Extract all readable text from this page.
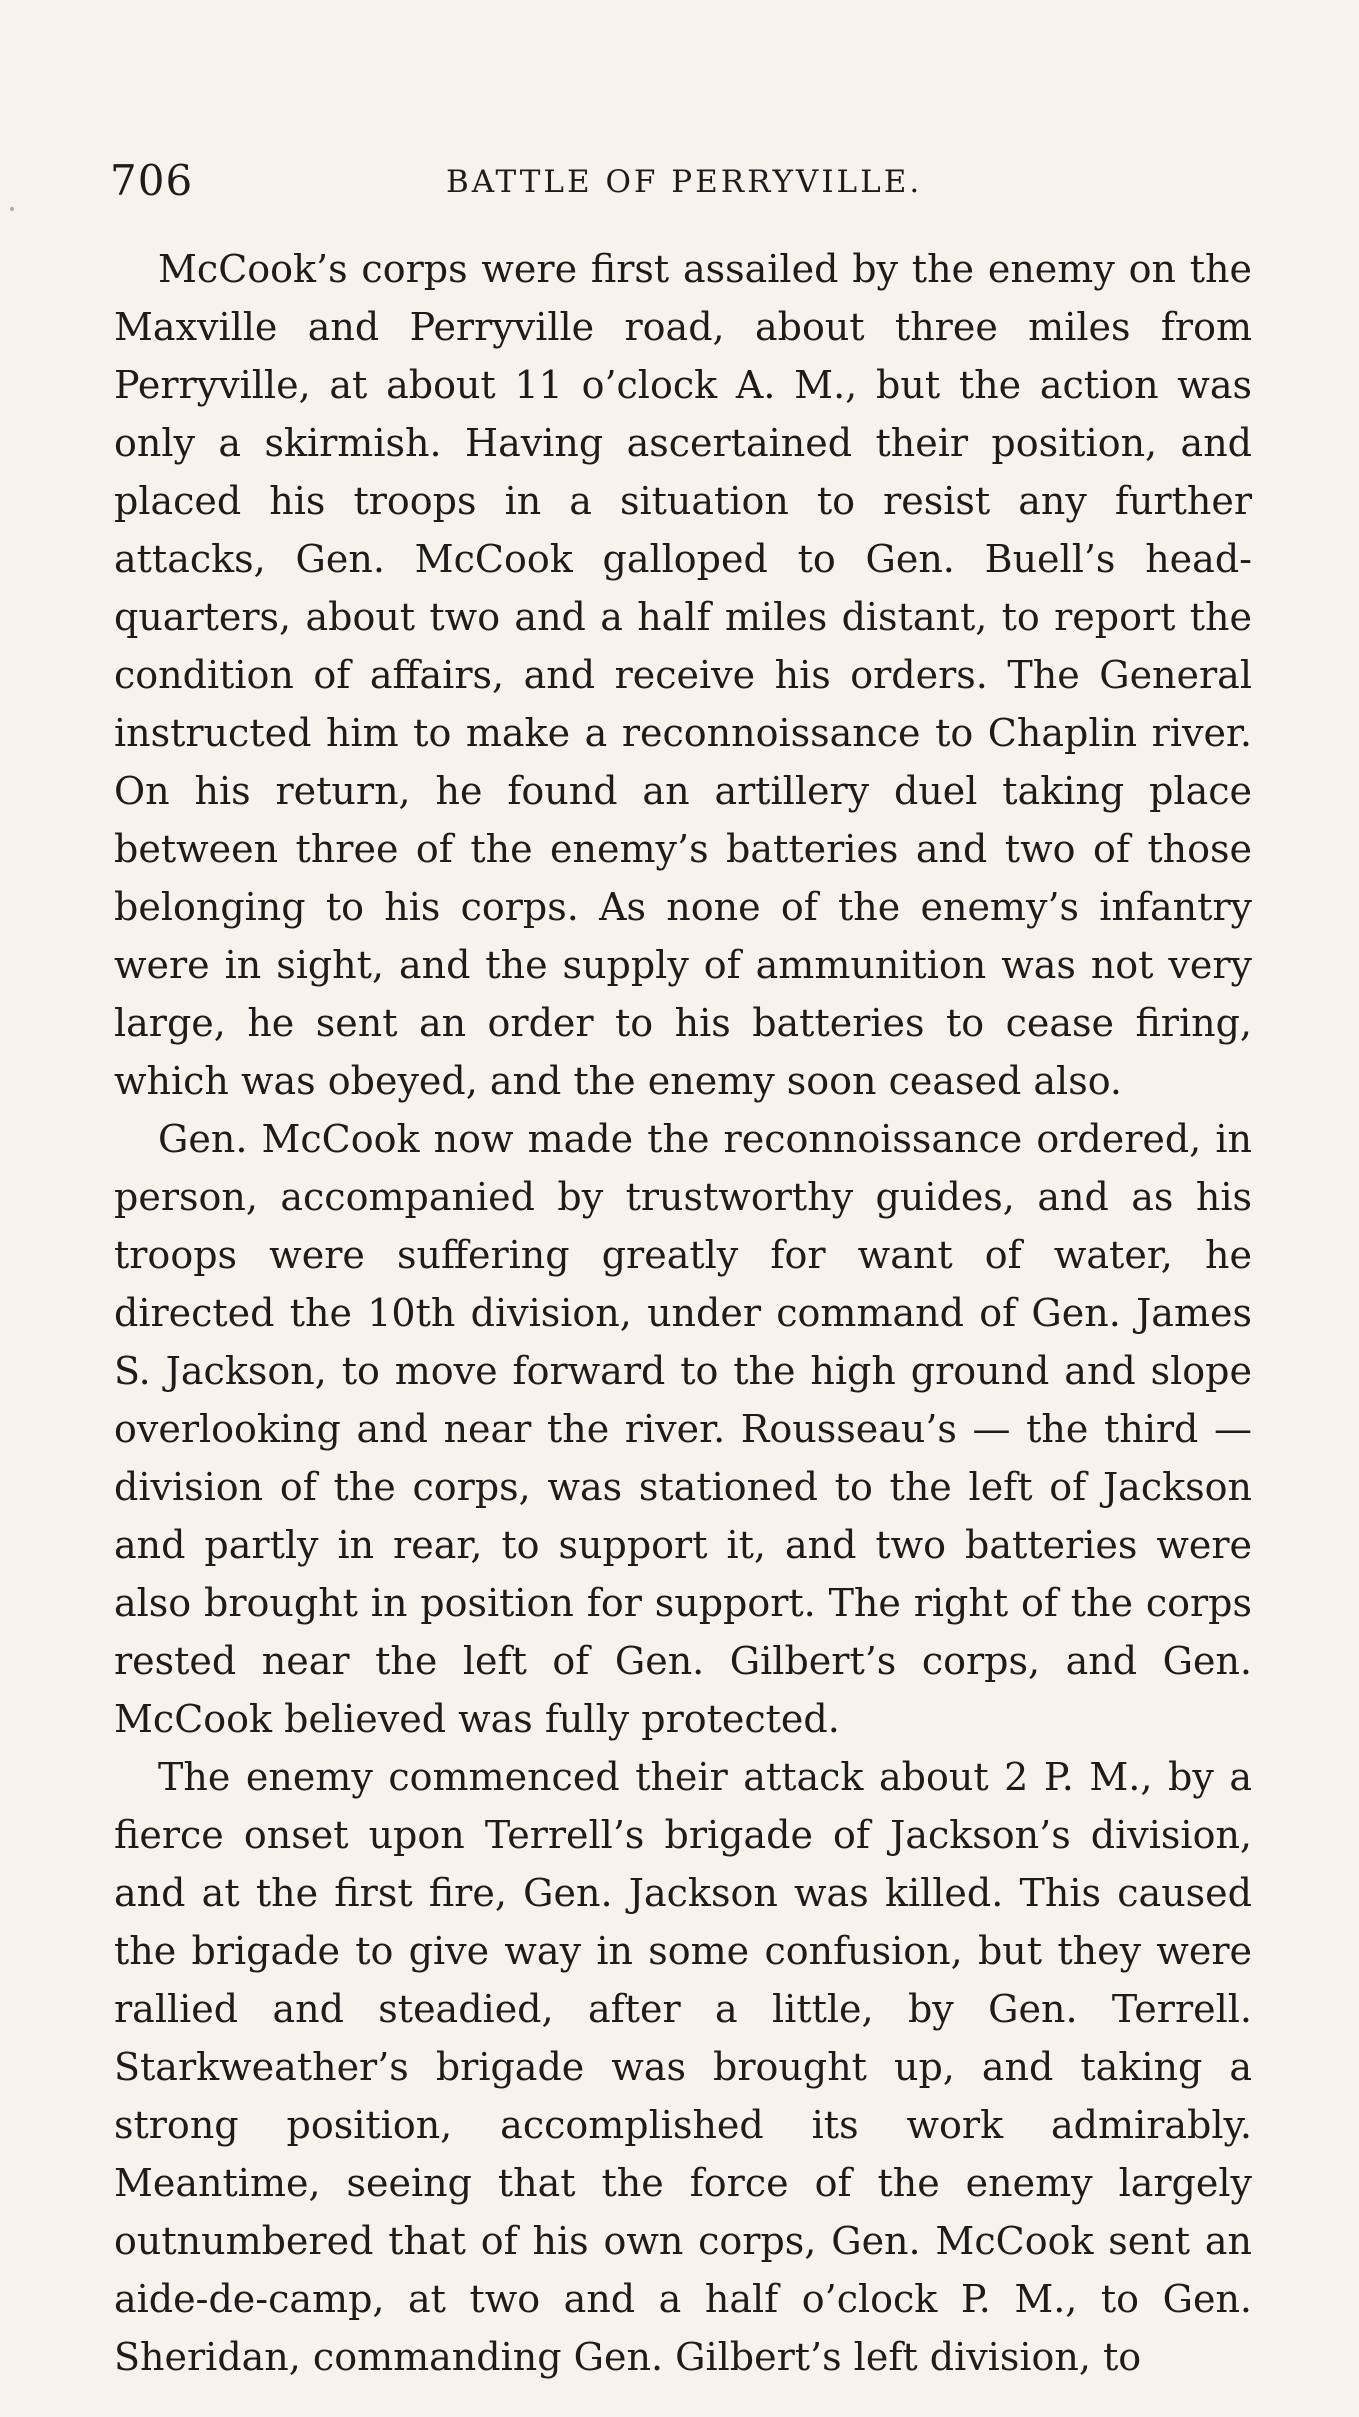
706	BATTLE OF PERRYVILLE.

McCook’s corps were first assailed by the enemy on the Maxville and Perryville road, about three miles from Perryville, at about 11 o’clock A. M., but the action was only a skirmish. Having ascertained their position, and placed his troops in a situation to resist any further attacks, Gen. McCook galloped to Gen. Buell’s head-quarters, about two and a half miles distant, to report the condition of affairs, and receive his orders. The General instructed him to make a reconnoissance to Chaplin river. On his return, he found an artillery duel taking place between three of the enemy’s batteries and two of those belonging to his corps. As none of the enemy’s infantry were in sight, and the supply of ammunition was not very large, he sent an order to his batteries to cease firing, which was obeyed, and the enemy soon ceased also.

Gen. McCook now made the reconnoissance ordered, in person, accompanied by trustworthy guides, and as his troops were suffering greatly for want of water, he directed the 10th division, under command of Gen. James S. Jackson, to move forward to the high ground and slope overlooking and near the river. Rousseau’s — the third — division of the corps, was stationed to the left of Jackson and partly in rear, to support it, and two batteries were also brought in position for support. The right of the corps rested near the left of Gen. Gilbert’s corps, and Gen. McCook believed was fully protected.

The enemy commenced their attack about 2 P. M., by a fierce onset upon Terrell’s brigade of Jackson’s division, and at the first fire, Gen. Jackson was killed. This caused the brigade to give way in some confusion, but they were rallied and steadied, after a little, by Gen. Terrell. Starkweather’s brigade was brought up, and taking a strong position, accomplished its work admirably. Meantime, seeing that the force of the enemy largely outnumbered that of his own corps, Gen. McCook sent an aide-de-camp, at two and a half o’clock P. M., to Gen. Sheridan, commanding Gen. Gilbert’s left division, to
